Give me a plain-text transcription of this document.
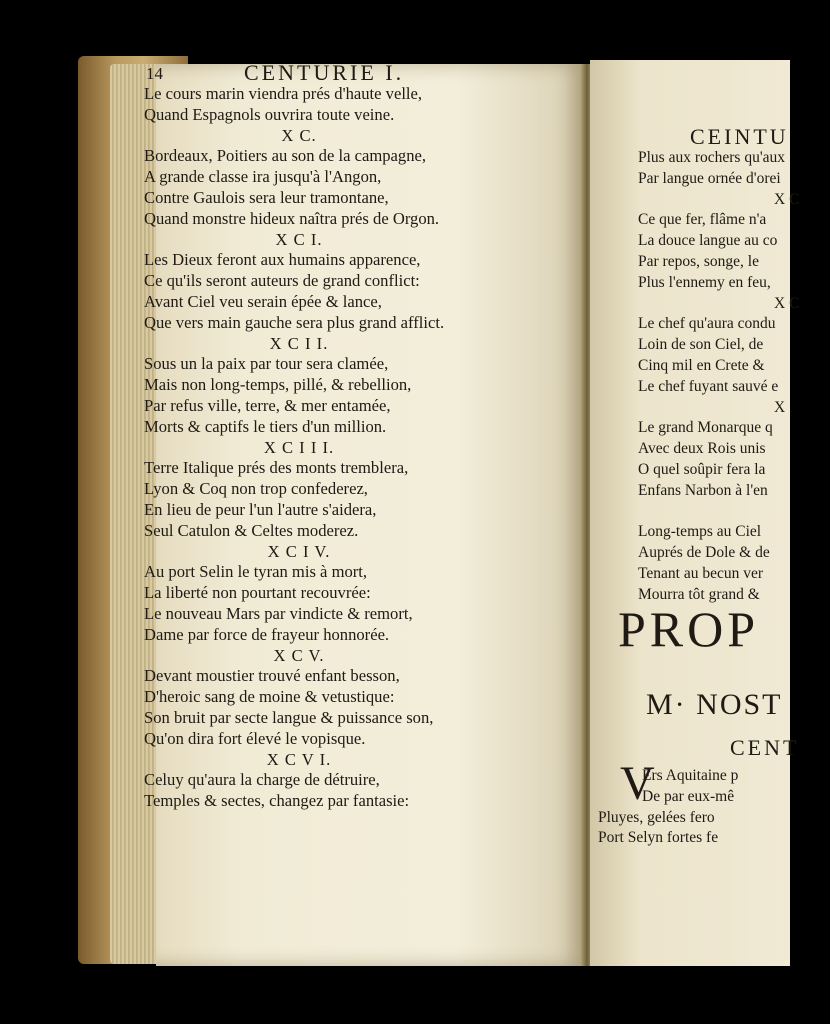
CEINTU
Plus aux rochers qu'aux
Par langue ornée d'orei
X C
Ce que fer, flâme n'a
La douce langue au co
Par repos, songe, le
Plus l'ennemy en feu,
X C
Le chef qu'aura condu
Loin de son Ciel, de
Cinq mil en Crete &
Le chef fuyant sauvé e
X
Le grand Monarque q
Avec deux Rois unis
O quel soûpir fera la
Enfans Narbon à l'en
Long-temps au Ciel
Auprés de Dole & de
Tenant au becun ver
Mourra tôt grand &
PROP
M· NOST
CENT
V
Ers Aquitaine p
De par eux-mê
Pluyes, gelées fero
Port Selyn fortes fe
14	CENTURIE I.
Le cours marin viendra prés d'haute velle,
Quand Espagnols ouvrira toute veine.
X C.
Bordeaux, Poitiers au son de la campagne,
A grande classe ira jusqu'à l'Angon,
Contre Gaulois sera leur tramontane,
Quand monstre hideux naîtra prés de Orgon.
X C I.
Les Dieux feront aux humains apparence,
Ce qu'ils seront auteurs de grand conflict:
Avant Ciel veu serain épée & lance,
Que vers main gauche sera plus grand afflict.
X C I I.
Sous un la paix par tour sera clamée,
Mais non long-temps, pillé, & rebellion,
Par refus ville, terre, & mer entamée,
Morts & captifs le tiers d'un million.
X C I I I.
Terre Italique prés des monts tremblera,
Lyon & Coq non trop confederez,
En lieu de peur l'un l'autre s'aidera,
Seul Catulon & Celtes moderez.
X C I V.
Au port Selin le tyran mis à mort,
La liberté non pourtant recouvrée:
Le nouveau Mars par vindicte & remort,
Dame par force de frayeur honnorée.
X C V.
Devant moustier trouvé enfant besson,
D'heroic sang de moine & vetustique:
Son bruit par secte langue & puissance son,
Qu'on dira fort élevé le vopisque.
X C V I.
Celuy qu'aura la charge de détruire,
Temples & sectes, changez par fantasie:
